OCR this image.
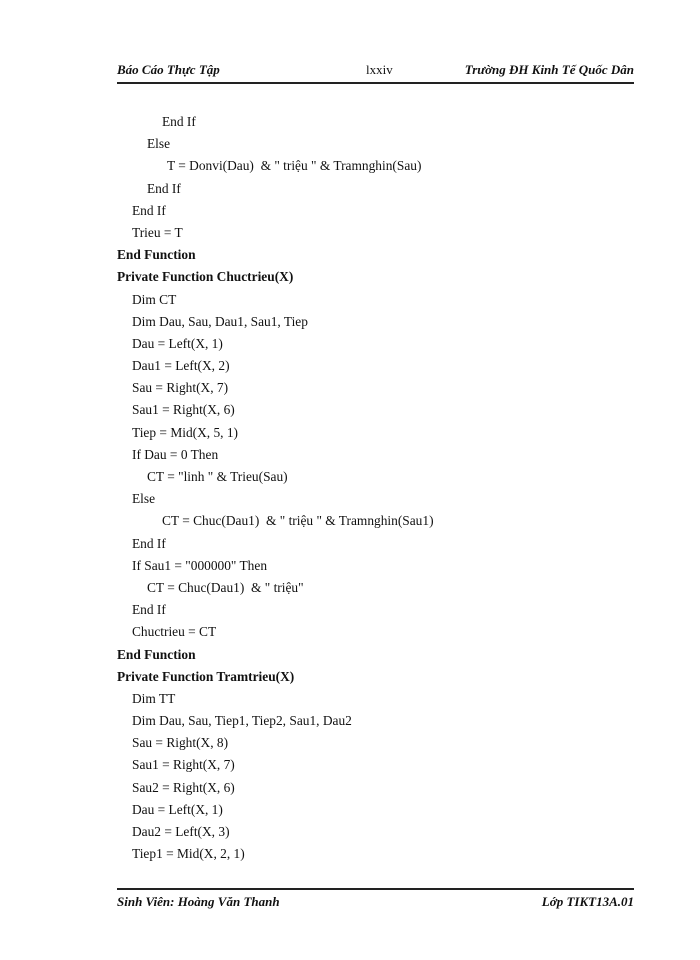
Báo Cáo Thực Tập	lxxiv	Trường ĐH Kinh Tế Quốc Dân
End If
Else
T = Donvi(Dau)  & " triệu " & Tramnghin(Sau)
End If
End If
Trieu = T
End Function
Private Function Chuctrieu(X)
Dim CT
Dim Dau, Sau, Dau1, Sau1, Tiep
Dau = Left(X, 1)
Dau1 = Left(X, 2)
Sau = Right(X, 7)
Sau1 = Right(X, 6)
Tiep = Mid(X, 5, 1)
If Dau = 0 Then
CT = "linh " & Trieu(Sau)
Else
CT = Chuc(Dau1)  & " triệu " & Tramnghin(Sau1)
End If
If Sau1 = "000000" Then
CT = Chuc(Dau1)  & " triệu"
End If
Chuctrieu = CT
End Function
Private Function Tramtrieu(X)
Dim TT
Dim Dau, Sau, Tiep1, Tiep2, Sau1, Dau2
Sau = Right(X, 8)
Sau1 = Right(X, 7)
Sau2 = Right(X, 6)
Dau = Left(X, 1)
Dau2 = Left(X, 3)
Tiep1 = Mid(X, 2, 1)
Sinh Viên: Hoàng Văn Thanh	Lớp TIKT13A.01
